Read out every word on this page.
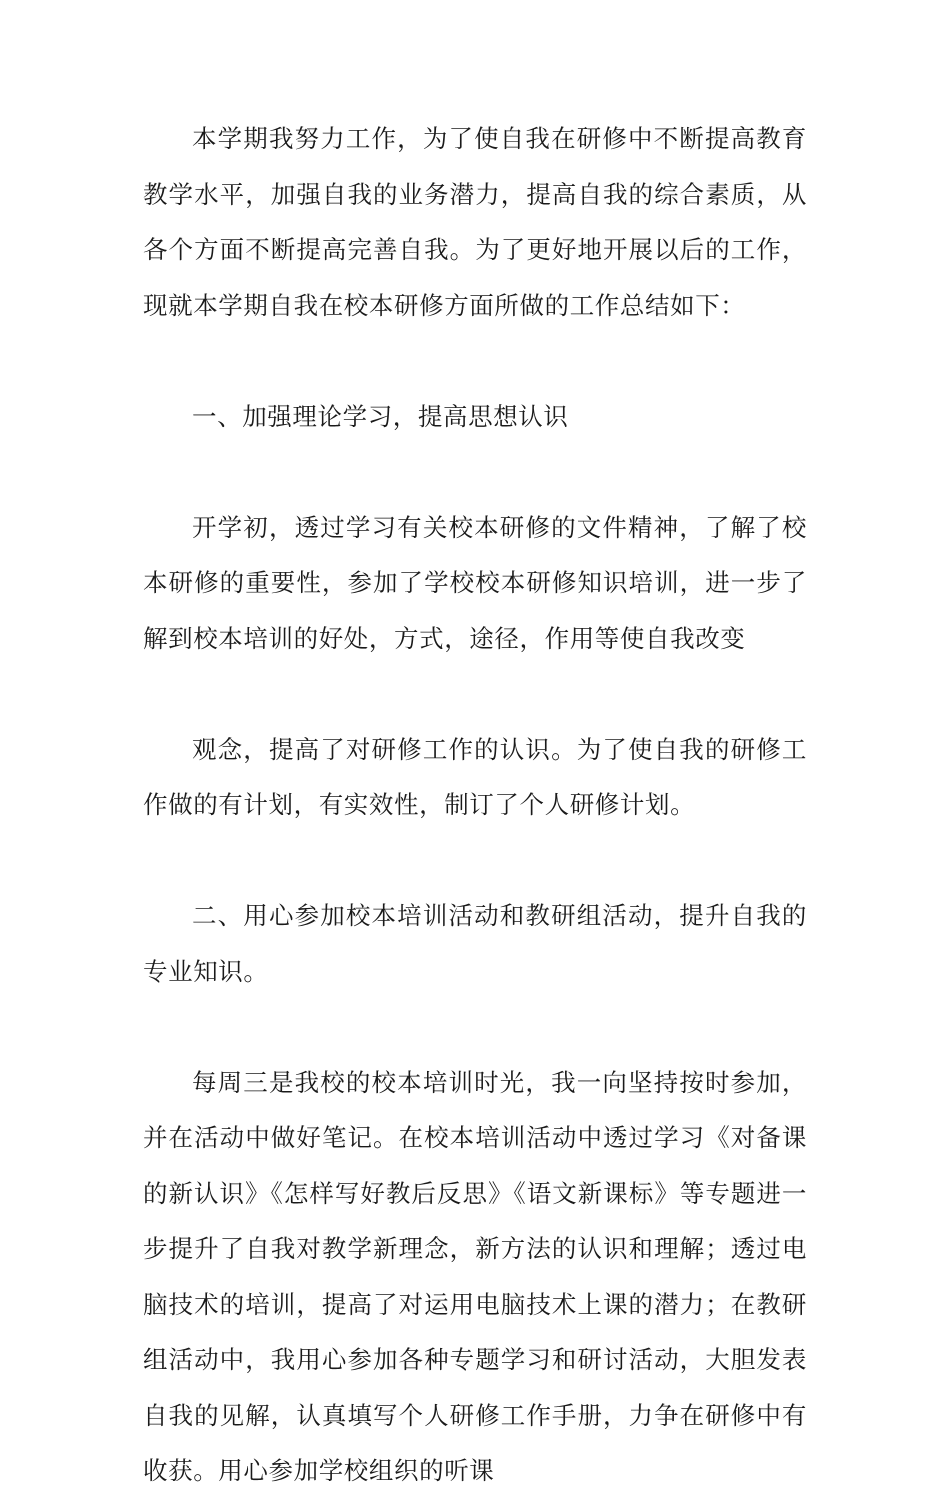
本学期我努力工作，为了使自我在研修中不断提高教育教学水平，加强自我的业务潜力，提高自我的综合素质，从各个方面不断提高完善自我。为了更好地开展以后的工作，现就本学期自我在校本研修方面所做的工作总结如下：

一、加强理论学习，提高思想认识

开学初，透过学习有关校本研修的文件精神，了解了校本研修的重要性，参加了学校校本研修知识培训，进一步了解到校本培训的好处，方式，途径，作用等使自我改变

观念，提高了对研修工作的认识。为了使自我的研修工作做的有计划，有实效性，制订了个人研修计划。

二、用心参加校本培训活动和教研组活动，提升自我的专业知识。

每周三是我校的校本培训时光，我一向坚持按时参加，并在活动中做好笔记。在校本培训活动中透过学习《对备课的新认识》《怎样写好教后反思》《语文新课标》等专题进一步提升了自我对教学新理念，新方法的认识和理解；透过电脑技术的培训，提高了对运用电脑技术上课的潜力；在教研组活动中，我用心参加各种专题学习和研讨活动，大胆发表自我的见解，认真填写个人研修工作手册，力争在研修中有收获。用心参加学校组织的听课
